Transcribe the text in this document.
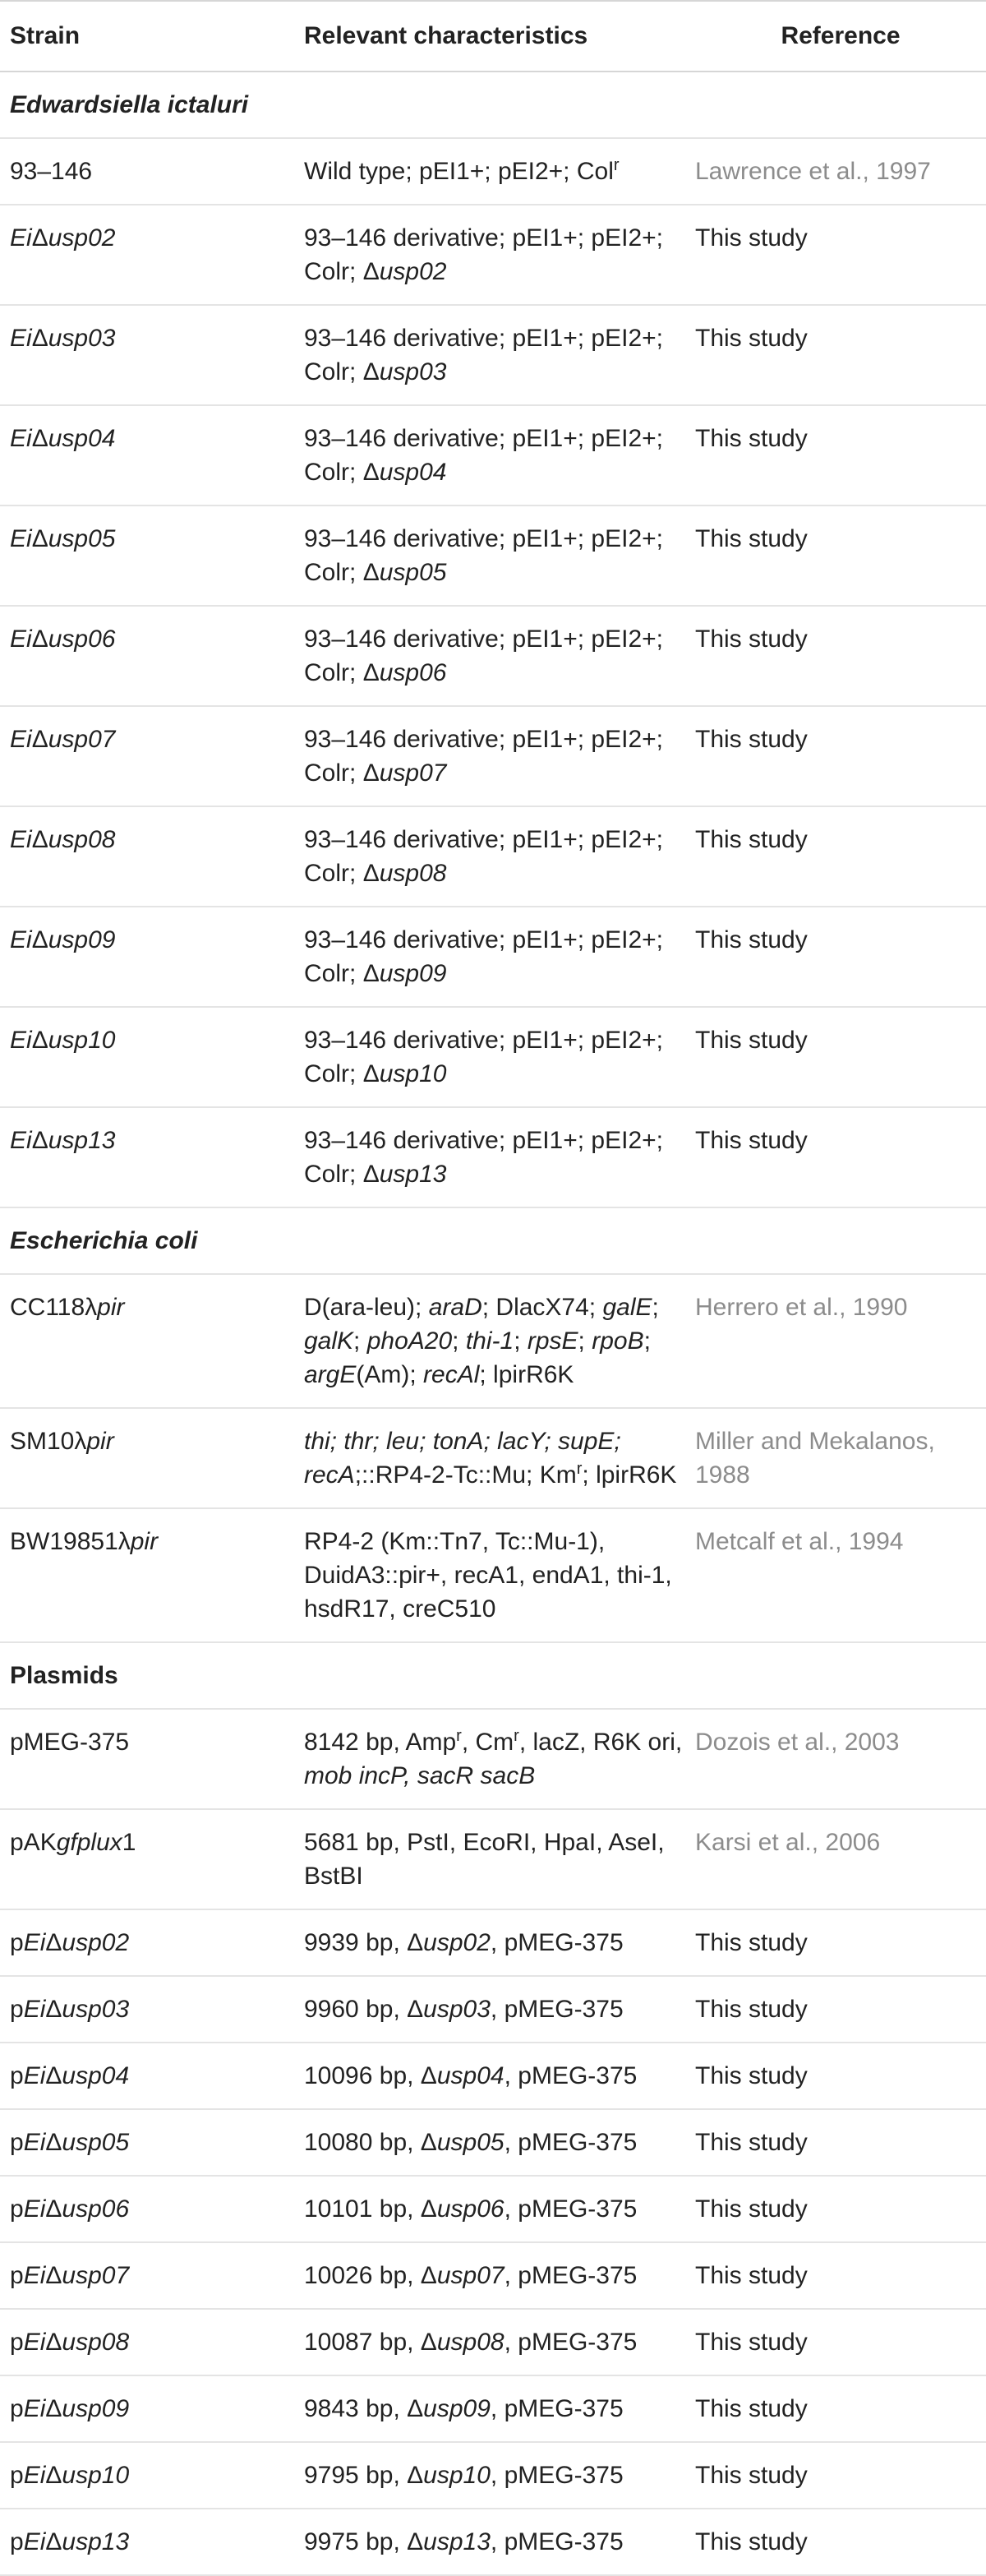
Strain	Relevant characteristics	Reference
Edwardsiella ictaluri		
93–146	Wild type; pEI1+; pEI2+; Col$^r$	Lawrence et al., 1997
EiΔusp02	93–146 derivative; pEI1+; pEI2+; Colr; Δusp02	This study
EiΔusp03	93–146 derivative; pEI1+; pEI2+; Colr; Δusp03	This study
EiΔusp04	93–146 derivative; pEI1+; pEI2+; Colr; Δusp04	This study
EiΔusp05	93–146 derivative; pEI1+; pEI2+; Colr; Δusp05	This study
EiΔusp06	93–146 derivative; pEI1+; pEI2+; Colr; Δusp06	This study
EiΔusp07	93–146 derivative; pEI1+; pEI2+; Colr; Δusp07	This study
EiΔusp08	93–146 derivative; pEI1+; pEI2+; Colr; Δusp08	This study
EiΔusp09	93–146 derivative; pEI1+; pEI2+; Colr; Δusp09	This study
EiΔusp10	93–146 derivative; pEI1+; pEI2+; Colr; Δusp10	This study
EiΔusp13	93–146 derivative; pEI1+; pEI2+; Colr; Δusp13	This study
Escherichia coli		
CC118λpir	D(ara-leu); araD; DlacX74; galE; galK; phoA20; thi-1; rpsE; rpoB; argE(Am); recAl; lpirR6K	Herrero et al., 1990
SM10λpir	thi; thr; leu; tonA; lacY; supE; recA;::RP4-2-Tc::Mu; Km$^r$; lpirR6K	Miller and Mekalanos, 1988
BW19851λpir	RP4-2 (Km::Tn7, Tc::Mu-1), DuidA3::pir+, recA1, endA1, thi-1, hsdR17, creC510	Metcalf et al., 1994
Plasmids		
pMEG-375	8142 bp, Amp$^r$, Cm$^r$, lacZ, R6K ori, mob incP, sacR sacB	Dozois et al., 2003
pAKgfplux1	5681 bp, PstI, EcoRI, HpaI, AseI, BstBI	Karsi et al., 2006
pEiΔusp02	9939 bp, Δusp02, pMEG-375	This study
pEiΔusp03	9960 bp, Δusp03, pMEG-375	This study
pEiΔusp04	10096 bp, Δusp04, pMEG-375	This study
pEiΔusp05	10080 bp, Δusp05, pMEG-375	This study
pEiΔusp06	10101 bp, Δusp06, pMEG-375	This study
pEiΔusp07	10026 bp, Δusp07, pMEG-375	This study
pEiΔusp08	10087 bp, Δusp08, pMEG-375	This study
pEiΔusp09	9843 bp, Δusp09, pMEG-375	This study
pEiΔusp10	9795 bp, Δusp10, pMEG-375	This study
pEiΔusp13	9975 bp, Δusp13, pMEG-375	This study
